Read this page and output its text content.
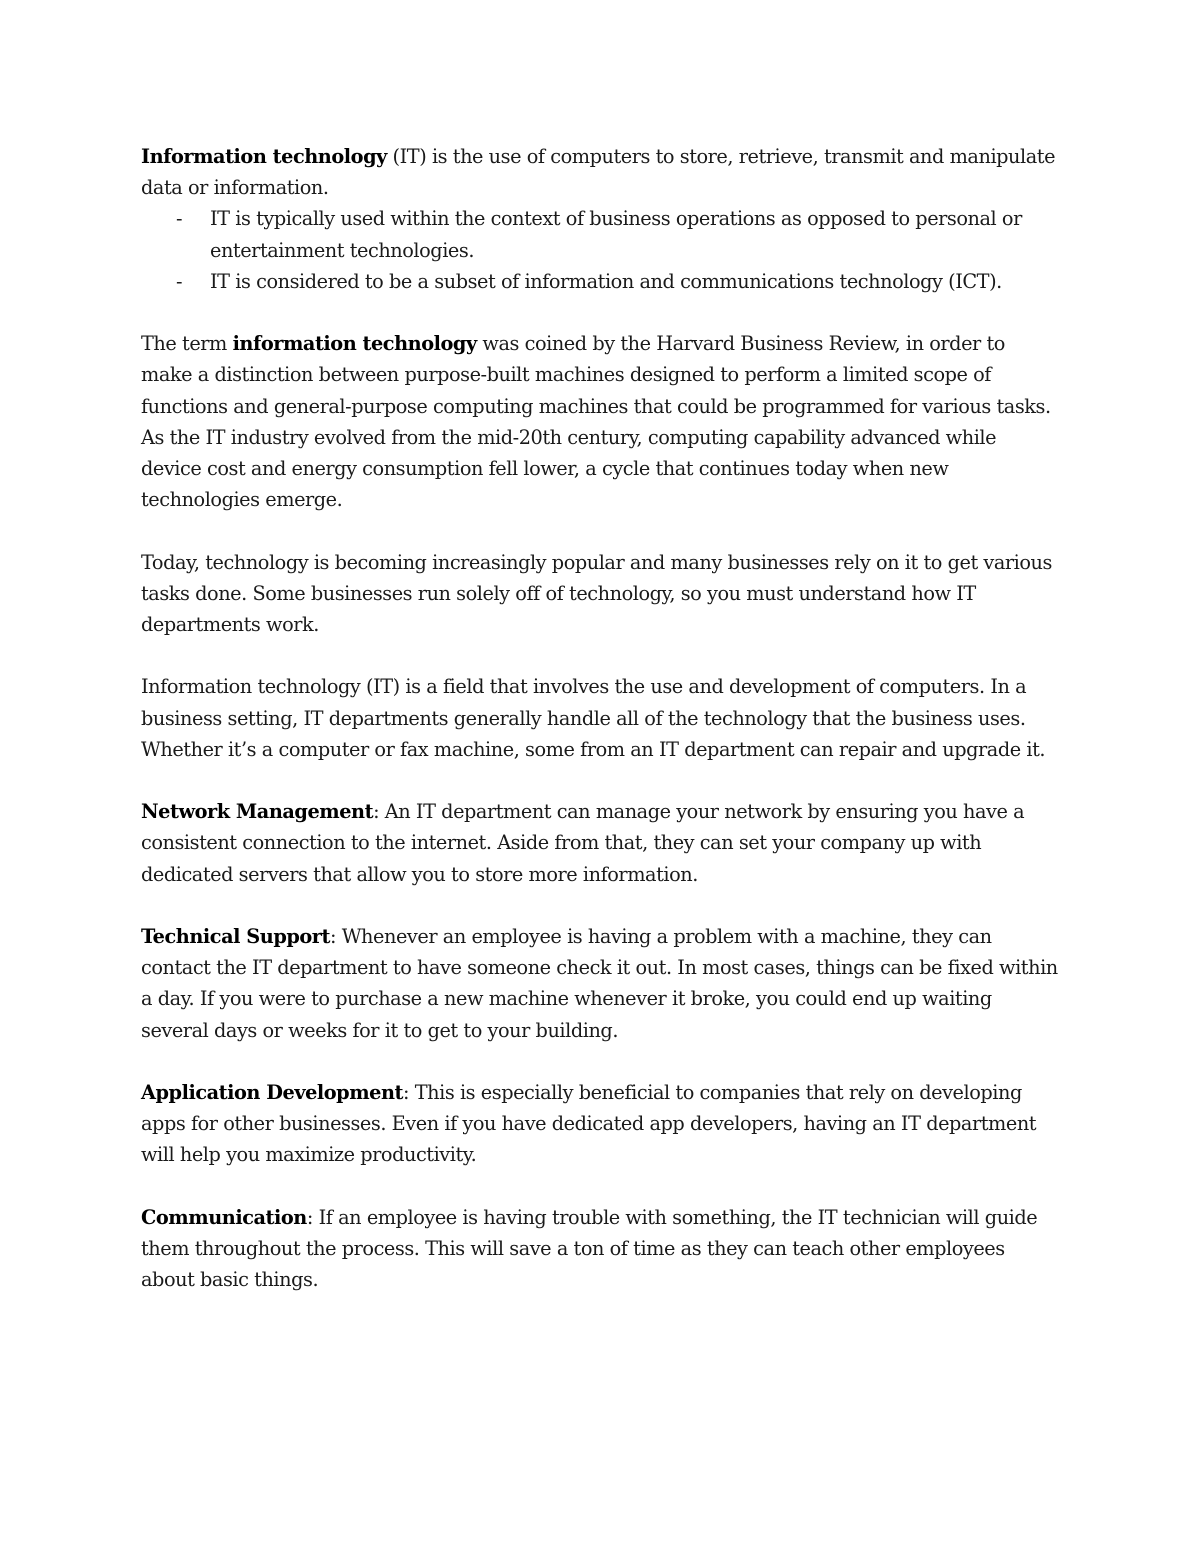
Information technology (IT) is the use of computers to store, retrieve, transmit and manipulate data or information.

- IT is typically used within the context of business operations as opposed to personal or entertainment technologies.
- IT is considered to be a subset of information and communications technology (ICT).

The term information technology was coined by the Harvard Business Review, in order to make a distinction between purpose-built machines designed to perform a limited scope of functions and general-purpose computing machines that could be programmed for various tasks. As the IT industry evolved from the mid-20th century, computing capability advanced while device cost and energy consumption fell lower, a cycle that continues today when new technologies emerge.

Today, technology is becoming increasingly popular and many businesses rely on it to get various tasks done. Some businesses run solely off of technology, so you must understand how IT departments work.

Information technology (IT) is a field that involves the use and development of computers. In a business setting, IT departments generally handle all of the technology that the business uses. Whether it’s a computer or fax machine, some from an IT department can repair and upgrade it.

Network Management: An IT department can manage your network by ensuring you have a consistent connection to the internet. Aside from that, they can set your company up with dedicated servers that allow you to store more information.

Technical Support: Whenever an employee is having a problem with a machine, they can contact the IT department to have someone check it out. In most cases, things can be fixed within a day. If you were to purchase a new machine whenever it broke, you could end up waiting several days or weeks for it to get to your building.

Application Development: This is especially beneficial to companies that rely on developing apps for other businesses. Even if you have dedicated app developers, having an IT department will help you maximize productivity.

Communication: If an employee is having trouble with something, the IT technician will guide them throughout the process. This will save a ton of time as they can teach other employees about basic things.
